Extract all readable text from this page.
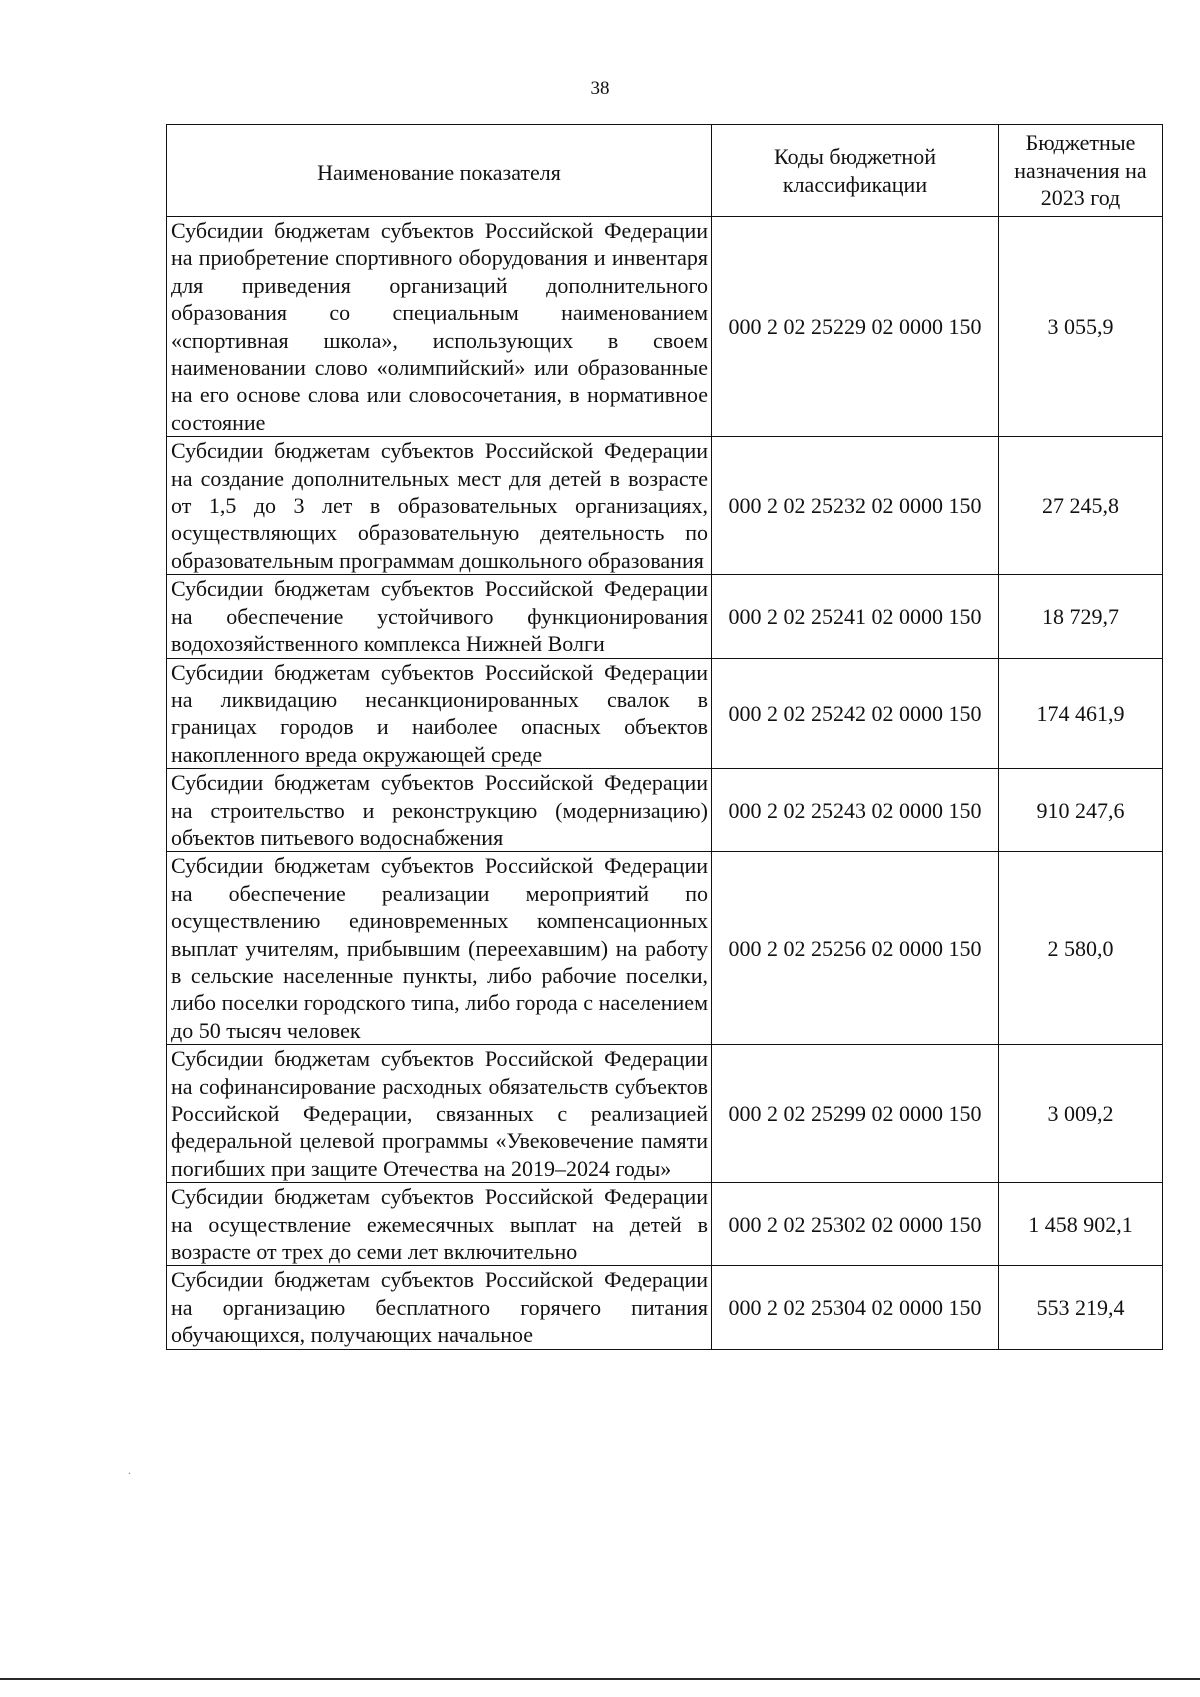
38
Наименование показателя	Коды бюджетной классификации	Бюджетные назначения на 2023 год
Субсидии бюджетам субъектов Российской Федерации на приобретение спортивного оборудования и инвентаря для приведения организаций дополнительного образования со специальным наименованием «спортивная школа», использующих в своем наименовании слово «олимпийский» или образованные на его основе слова или словосочетания, в нормативное состояние	000 2 02 25229 02 0000 150	3 055,9
Субсидии бюджетам субъектов Российской Федерации на создание дополнительных мест для детей в возрасте от 1,5 до 3 лет в образовательных организациях, осуществляющих образовательную деятельность по образовательным программам дошкольного образования	000 2 02 25232 02 0000 150	27 245,8
Субсидии бюджетам субъектов Российской Федерации на обеспечение устойчивого функционирования водохозяйственного комплекса Нижней Волги	000 2 02 25241 02 0000 150	18 729,7
Субсидии бюджетам субъектов Российской Федерации на ликвидацию несанкционированных свалок в границах городов и наиболее опасных объектов накопленного вреда окружающей среде	000 2 02 25242 02 0000 150	174 461,9
Субсидии бюджетам субъектов Российской Федерации на строительство и реконструкцию (модернизацию) объектов питьевого водоснабжения	000 2 02 25243 02 0000 150	910 247,6
Субсидии бюджетам субъектов Российской Федерации на обеспечение реализации мероприятий по осуществлению единовременных компенсационных выплат учителям, прибывшим (переехавшим) на работу в сельские населенные пункты, либо рабочие поселки, либо поселки городского типа, либо города с населением до 50 тысяч человек	000 2 02 25256 02 0000 150	2 580,0
Субсидии бюджетам субъектов Российской Федерации на софинансирование расходных обязательств субъектов Российской Федерации, связанных с реализацией федеральной целевой программы «Увековечение памяти погибших при защите Отечества на 2019–2024 годы»	000 2 02 25299 02 0000 150	3 009,2
Субсидии бюджетам субъектов Российской Федерации на осуществление ежемесячных выплат на детей в возрасте от трех до семи лет включительно	000 2 02 25302 02 0000 150	1 458 902,1
Субсидии бюджетам субъектов Российской Федерации на организацию бесплатного горячего питания обучающихся, получающих начальное	000 2 02 25304 02 0000 150	553 219,4
.
